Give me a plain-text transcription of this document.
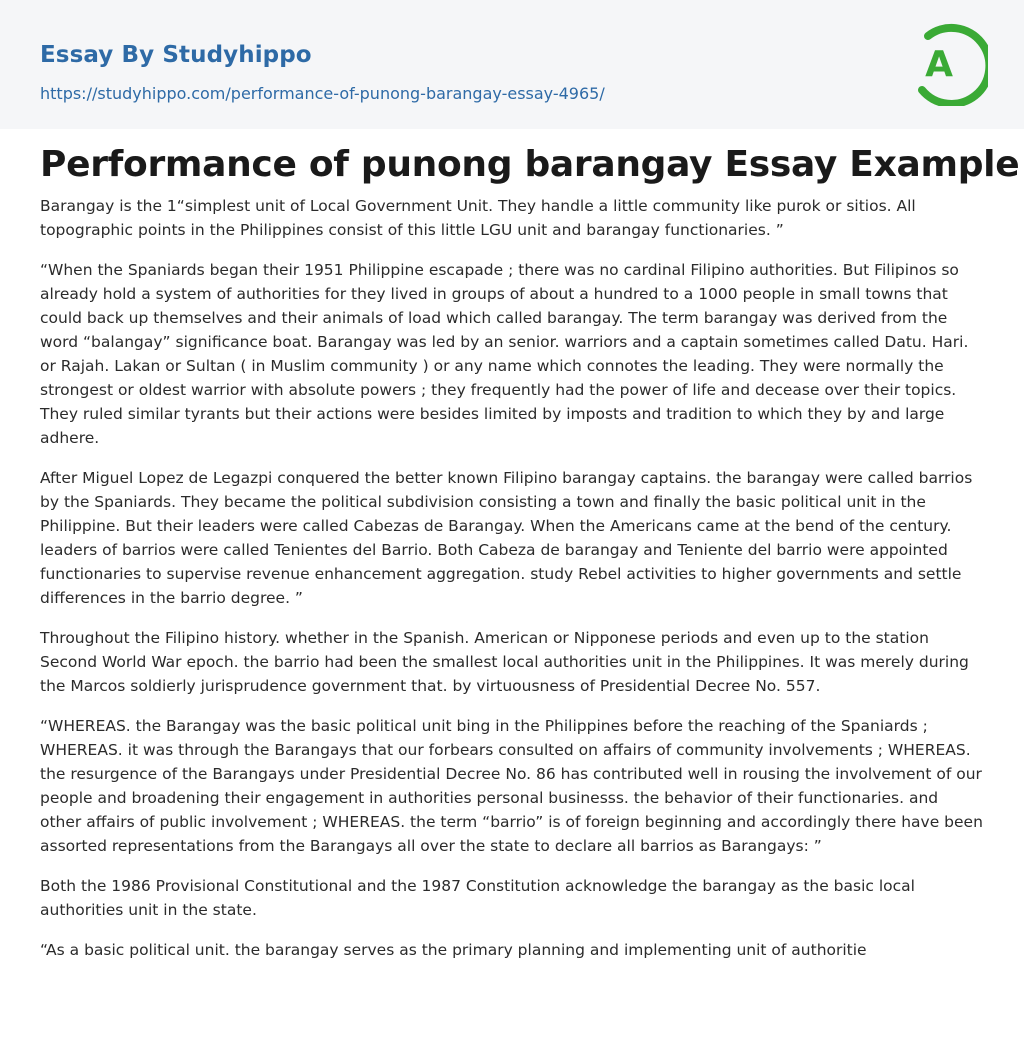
Essay By Studyhippo
https://studyhippo.com/performance-of-punong-barangay-essay-4965/
A
Performance of punong barangay Essay Example

Barangay is the 1“simplest unit of Local Government Unit. They handle a little community like purok or sitios. All topographic points in the Philippines consist of this little LGU unit and barangay functionaries. ”

“When the Spaniards began their 1951 Philippine escapade ; there was no cardinal Filipino authorities. But Filipinos so already hold a system of authorities for they lived in groups of about a hundred to a 1000 people in small towns that could back up themselves and their animals of load which called barangay. The term barangay was derived from the word “balangay” significance boat. Barangay was led by an senior. warriors and a captain sometimes called Datu. Hari. or Rajah. Lakan or Sultan ( in Muslim community ) or any name which connotes the leading. They were normally the strongest or oldest warrior with absolute powers ; they frequently had the power of life and decease over their topics. They ruled similar tyrants but their actions were besides limited by imposts and tradition to which they by and large adhere.

After Miguel Lopez de Legazpi conquered the better known Filipino barangay captains. the barangay were called barrios by the Spaniards. They became the political subdivision consisting a town and finally the basic political unit in the Philippine. But their leaders were called Cabezas de Barangay. When the Americans came at the bend of the century. leaders of barrios were called Tenientes del Barrio. Both Cabeza de barangay and Teniente del barrio were appointed functionaries to supervise revenue enhancement aggregation. study Rebel activities to higher governments and settle differences in the barrio degree. ”

Throughout the Filipino history. whether in the Spanish. American or Nipponese periods and even up to the station Second World War epoch. the barrio had been the smallest local authorities unit in the Philippines. It was merely during the Marcos soldierly jurisprudence government that. by virtuousness of Presidential Decree No. 557.

“WHEREAS. the Barangay was the basic political unit bing in the Philippines before the reaching of the Spaniards ; WHEREAS. it was through the Barangays that our forbears consulted on affairs of community involvements ; WHEREAS. the resurgence of the Barangays under Presidential Decree No. 86 has contributed well in rousing the involvement of our people and broadening their engagement in authorities personal businesss. the behavior of their functionaries. and other affairs of public involvement ; WHEREAS. the term “barrio” is of foreign beginning and accordingly there have been assorted representations from the Barangays all over the state to declare all barrios as Barangays: ”

Both the 1986 Provisional Constitutional and the 1987 Constitution acknowledge the barangay as the basic local authorities unit in the state.

“As a basic political unit. the barangay serves as the primary planning and implementing unit of authoritie
